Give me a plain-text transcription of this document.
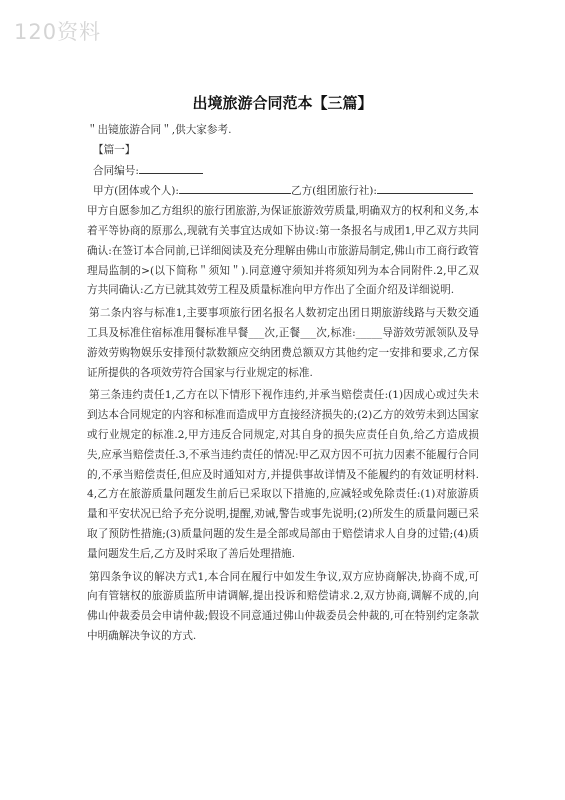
120资料
出境旅游合同范本【三篇】

＂出镜旅游合同＂,供大家参考.

【篇一】

合同编号:

甲方(团体或个人):	乙方(组团旅行社):

甲方自愿参加乙方组织的旅行团旅游,为保证旅游效劳质量,明确双方的权利和义务,本着平等协商的原那么,现就有关事宜达成如下协议:第一条报名与成团1,甲乙双方共同确认:在签订本合同前,已详细阅读及充分理解由佛山市旅游局制定,佛山市工商行政管理局监制的>(以下简称＂须知＂).同意遵守须知并将须知列为本合同附件.2,甲乙双方共同确认:乙方已就其效劳工程及质量标准向甲方作出了全面介绍及详细说明.

第二条内容与标准1,主要事项旅行团名报名人数初定出团日期旅游线路与天数交通工具及标准住宿标准用餐标准早餐___次,正餐___次,标准:_____导游效劳派领队及导游效劳购物娱乐安排预付款数额应交纳团费总额双方其他约定一安排和要求,乙方保证所提供的各项效劳符合国家与行业规定的标准.

第三条违约责任1,乙方在以下情形下视作违约,并承当赔偿责任:(1)因成心或过失未到达本合同规定的内容和标准而造成甲方直接经济损失的;(2)乙方的效劳未到达国家或行业规定的标准.2,甲方违反合同规定,对其自身的损失应责任自负,给乙方造成损失,应承当赔偿责任.3,不承当违约责任的情况:甲乙双方因不可抗力因素不能履行合同的,不承当赔偿责任,但应及时通知对方,并提供事故详情及不能履约的有效证明材料.4,乙方在旅游质量问题发生前后已采取以下措施的,应减轻或免除责任:(1)对旅游质量和平安状况已给予充分说明,提醒,劝诫,警告或事先说明;(2)所发生的质量问题已采取了预防性措施;(3)质量问题的发生是全部或局部由于赔偿请求人自身的过错;(4)质量问题发生后,乙方及时采取了善后处理措施.

第四条争议的解决方式1,本合同在履行中如发生争议,双方应协商解决,协商不成,可向有管辖权的旅游质监所申请调解,提出投诉和赔偿请求.2,双方协商,调解不成的,向佛山仲裁委员会申请仲裁;假设不同意通过佛山仲裁委员会仲裁的,可在特别约定条款中明确解决争议的方式.
